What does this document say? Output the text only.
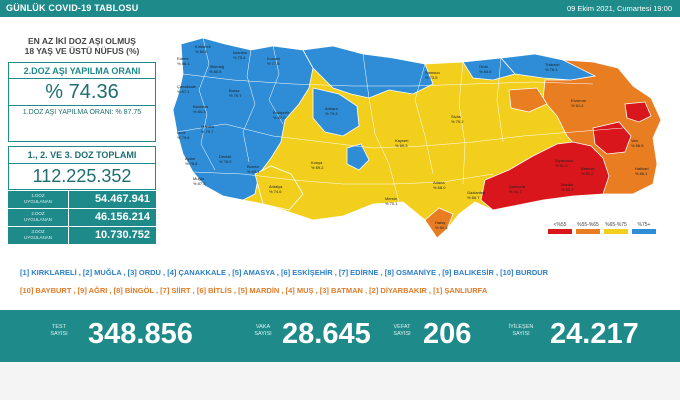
GÜNLÜK COVID-19 TABLOSU	09 Ekim 2021, Cumartesi 19:00
EN AZ İKİ DOZ AŞI OLMUŞ
18 YAŞ VE ÜSTÜ NÜFUS (%)
2.DOZ AŞI YAPILMA ORANI
% 74.36
1.DOZ AŞI YAPILMA ORANI: % 87.75
1., 2. VE 3. DOZ TOPLAMI
112.225.352
1.DOZ
UYGULANAN	54.467.941
2.DOZ
UYGULANAN	46.156.214
3.DOZ
UYGULANAN	10.730.752
Kırklareli
% 84.9
Edirne
% 86.1
Tekirdağ
% 80.5
İstanbul
% 75.4	Kocaeli
% 77.8
Çanakkale
% 87.1
Balıkesir
% 84.3
Bursa
% 79.7
İzmir
% 79.6
Manisa
% 79.7
Aydın
% 78.8
Muğla
% 87.3
Denizli
% 78.9
Burdur
% 83.4
Antalya
% 74.6
Ankara
% 79.3
Eskişehir
% 87.0
Konya
% 69.2
Kayseri
% 69.3
Sivas
% 75.2
Samsun
% 73.5
Ordu
% 84.6
Trabzon
% 76.1
Erzurum
% 61.4
Van
% 56.5
Diyarbakır
% 51.0
Şanlıurfa
% 44.7
Mardin
% 52.7
Batman
% 52.2
Hakkari
% 66.1
Gaziantep
% 66.7
Adana
% 68.0
Mersin
% 70.1
Hatay
% 60.3	<%55 %55-%65 %65-%75 %75+
[1] KIRKLARELİ , [2] MUĞLA , [3] ORDU , [4] ÇANAKKALE , [5] AMASYA , [6] ESKİŞEHİR , [7] EDİRNE , [8] OSMANİYE , [9] BALIKESİR , [10] BURDUR
[10] BAYBURT , [9] AĞRI , [8] BİNGÖL , [7] SİİRT , [6] BİTLİS , [5] MARDİN , [4] MUŞ , [3] BATMAN , [2] DİYARBAKIR , [1] ŞANLIURFA
TEST
SAYISI 348.856	VAKA
SAYISI 28.645	VEFAT
SAYISI 206	İYİLEŞEN
SAYISI 24.217
